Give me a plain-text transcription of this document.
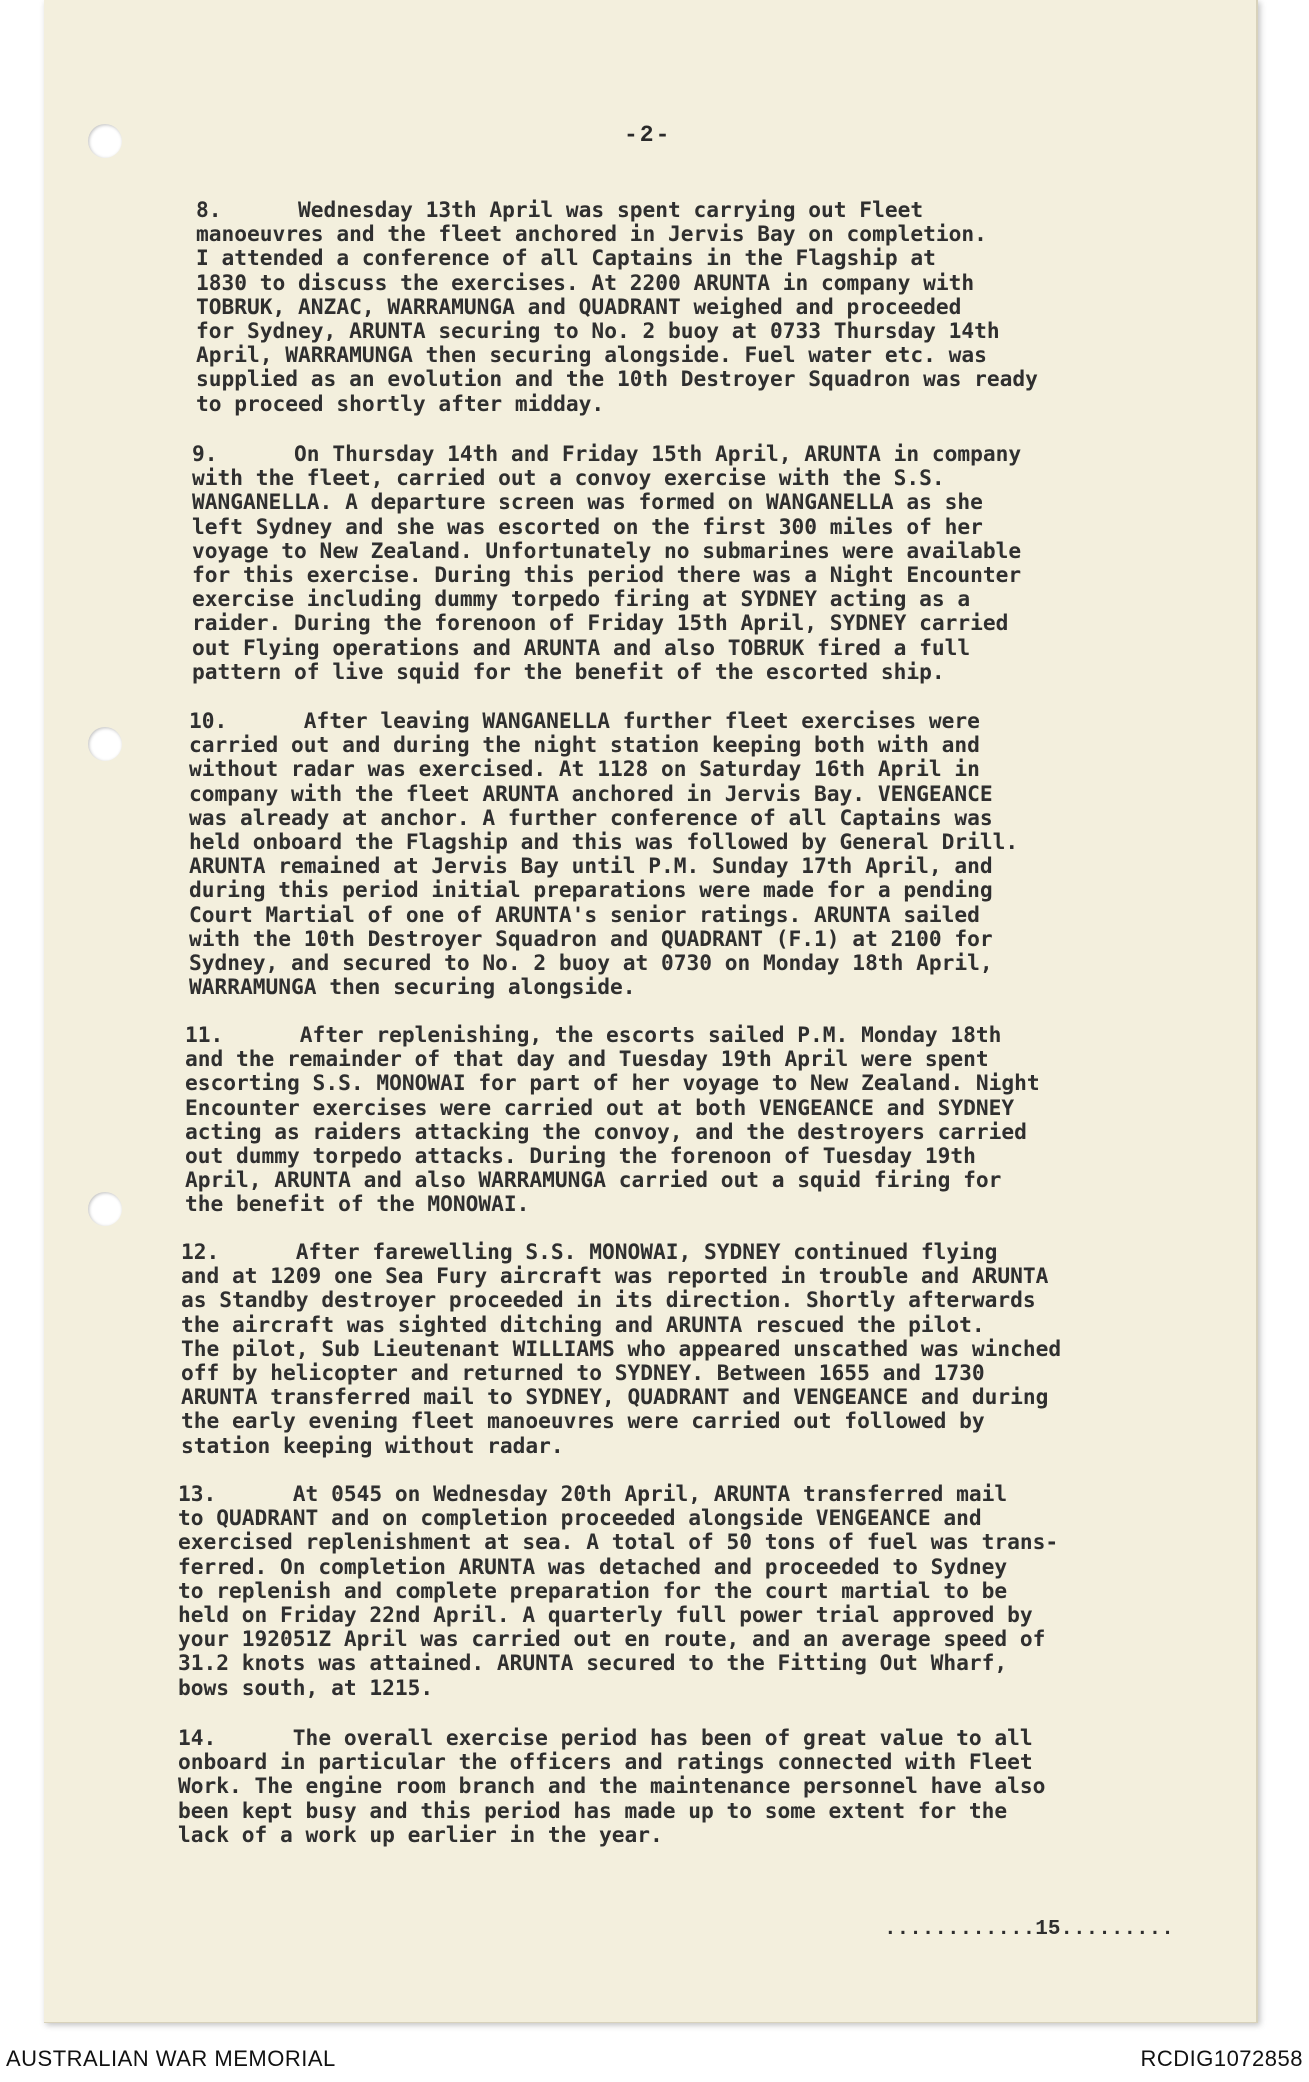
-2-
8.      Wednesday 13th April was spent carrying out Fleet
manoeuvres and the fleet anchored in Jervis Bay on completion.
I attended a conference of all Captains in the Flagship at
1830 to discuss the exercises. At 2200 ARUNTA in company with
TOBRUK, ANZAC, WARRAMUNGA and QUADRANT weighed and proceeded
for Sydney, ARUNTA securing to No. 2 buoy at 0733 Thursday 14th
April, WARRAMUNGA then securing alongside. Fuel water etc. was
supplied as an evolution and the 10th Destroyer Squadron was ready
to proceed shortly after midday.
9.      On Thursday 14th and Friday 15th April, ARUNTA in company
with the fleet, carried out a convoy exercise with the S.S.
WANGANELLA. A departure screen was formed on WANGANELLA as she
left Sydney and she was escorted on the first 300 miles of her
voyage to New Zealand. Unfortunately no submarines were available
for this exercise. During this period there was a Night Encounter
exercise including dummy torpedo firing at SYDNEY acting as a
raider. During the forenoon of Friday 15th April, SYDNEY carried
out Flying operations and ARUNTA and also TOBRUK fired a full
pattern of live squid for the benefit of the escorted ship.
10.      After leaving WANGANELLA further fleet exercises were
carried out and during the night station keeping both with and
without radar was exercised. At 1128 on Saturday 16th April in
company with the fleet ARUNTA anchored in Jervis Bay. VENGEANCE
was already at anchor. A further conference of all Captains was
held onboard the Flagship and this was followed by General Drill.
ARUNTA remained at Jervis Bay until P.M. Sunday 17th April, and
during this period initial preparations were made for a pending
Court Martial of one of ARUNTA's senior ratings. ARUNTA sailed
with the 10th Destroyer Squadron and QUADRANT (F.1) at 2100 for
Sydney, and secured to No. 2 buoy at 0730 on Monday 18th April,
WARRAMUNGA then securing alongside.
11.      After replenishing, the escorts sailed P.M. Monday 18th
and the remainder of that day and Tuesday 19th April were spent
escorting S.S. MONOWAI for part of her voyage to New Zealand. Night
Encounter exercises were carried out at both VENGEANCE and SYDNEY
acting as raiders attacking the convoy, and the destroyers carried
out dummy torpedo attacks. During the forenoon of Tuesday 19th
April, ARUNTA and also WARRAMUNGA carried out a squid firing for
the benefit of the MONOWAI.
12.      After farewelling S.S. MONOWAI, SYDNEY continued flying
and at 1209 one Sea Fury aircraft was reported in trouble and ARUNTA
as Standby destroyer proceeded in its direction. Shortly afterwards
the aircraft was sighted ditching and ARUNTA rescued the pilot.
The pilot, Sub Lieutenant WILLIAMS who appeared unscathed was winched
off by helicopter and returned to SYDNEY. Between 1655 and 1730
ARUNTA transferred mail to SYDNEY, QUADRANT and VENGEANCE and during
the early evening fleet manoeuvres were carried out followed by
station keeping without radar.
13.      At 0545 on Wednesday 20th April, ARUNTA transferred mail
to QUADRANT and on completion proceeded alongside VENGEANCE and
exercised replenishment at sea. A total of 50 tons of fuel was trans-
ferred. On completion ARUNTA was detached and proceeded to Sydney
to replenish and complete preparation for the court martial to be
held on Friday 22nd April. A quarterly full power trial approved by
your 192051Z April was carried out en route, and an average speed of
31.2 knots was attained. ARUNTA secured to the Fitting Out Wharf,
bows south, at 1215.
14.      The overall exercise period has been of great value to all
onboard in particular the officers and ratings connected with Fleet
Work. The engine room branch and the maintenance personnel have also
been kept busy and this period has made up to some extent for the
lack of a work up earlier in the year.
............15.........
AUSTRALIAN WAR MEMORIAL	RCDIG1072858
